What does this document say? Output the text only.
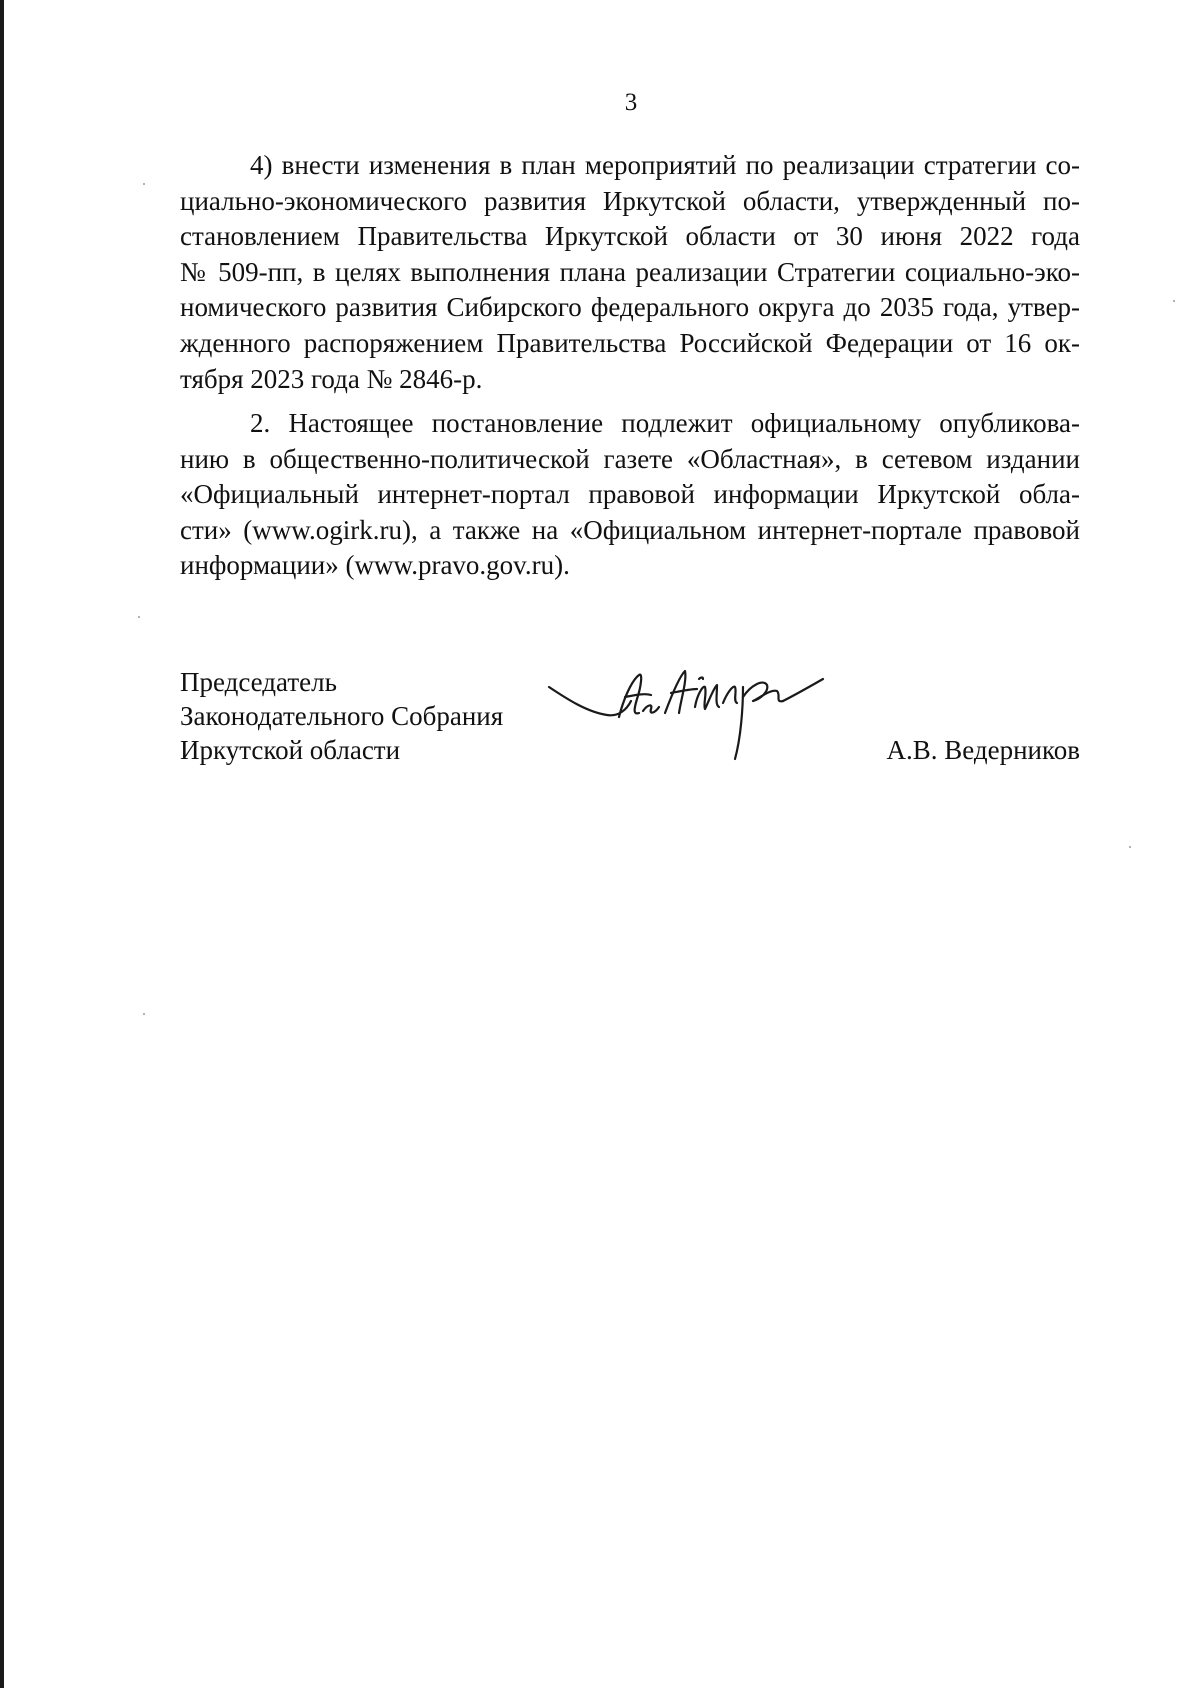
3

4) внести изменения в план мероприятий по реализации стратегии со-
циально-экономического развития Иркутской области, утвержденный по-
становлением Правительства Иркутской области от 30 июня 2022 года
№ 509-пп, в целях выполнения плана реализации Стратегии социально-эко-
номического развития Сибирского федерального округа до 2035 года, утвер-
жденного распоряжением Правительства Российской Федерации от 16 ок-
тября 2023 года № 2846-р.

2. Настоящее постановление подлежит официальному опубликова-
нию в общественно-политической газете «Областная», в сетевом издании
«Официальный интернет-портал правовой информации Иркутской обла-
сти» (www.ogirk.ru), а также на «Официальном интернет-портале правовой
информации» (www.pravo.gov.ru).

Председатель
Законодательного Собрания
Иркутской области	А.В. Ведерников
